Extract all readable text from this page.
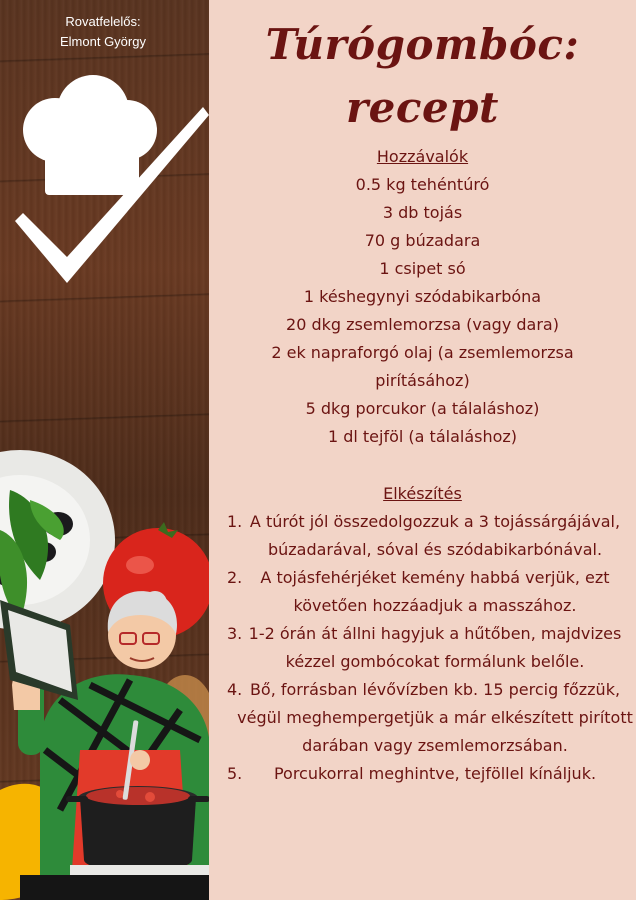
Rovatfelelős:
Elmont György	Túrógombóc:
recept
Hozzávalók
0.5 kg tehéntúró
3 db tojás
70 g búzadara
1 csipet só
1 késhegynyi szódabikarbóna
20 dkg zsemlemorzsa (vagy dara)
2 ek napraforgó olaj (a zsemlemorzsa pirításához)
5 dkg porcukor (a tálaláshoz)
1 dl tejföl (a tálaláshoz)
Elkészítés
1. A túrót jól összedolgozzuk a 3 tojássárgájával, búzadarával, sóval és szódabikarbónával.
2.	A tojásfehérjéket kemény habbá verjük, ezt követően hozzáadjuk a masszához.
3. 1-2 órán át állni hagyjuk a hűtőben, majdvizes kézzel gombócokat formálunk belőle.
4. Bő, forrásban lévővízben kb. 15 percig főzzük, végül meghempergetjük a már elkészített pirított darában vagy zsemlemorzsában.
5.	Porcukorral meghintve, tejföllel kínáljuk.
